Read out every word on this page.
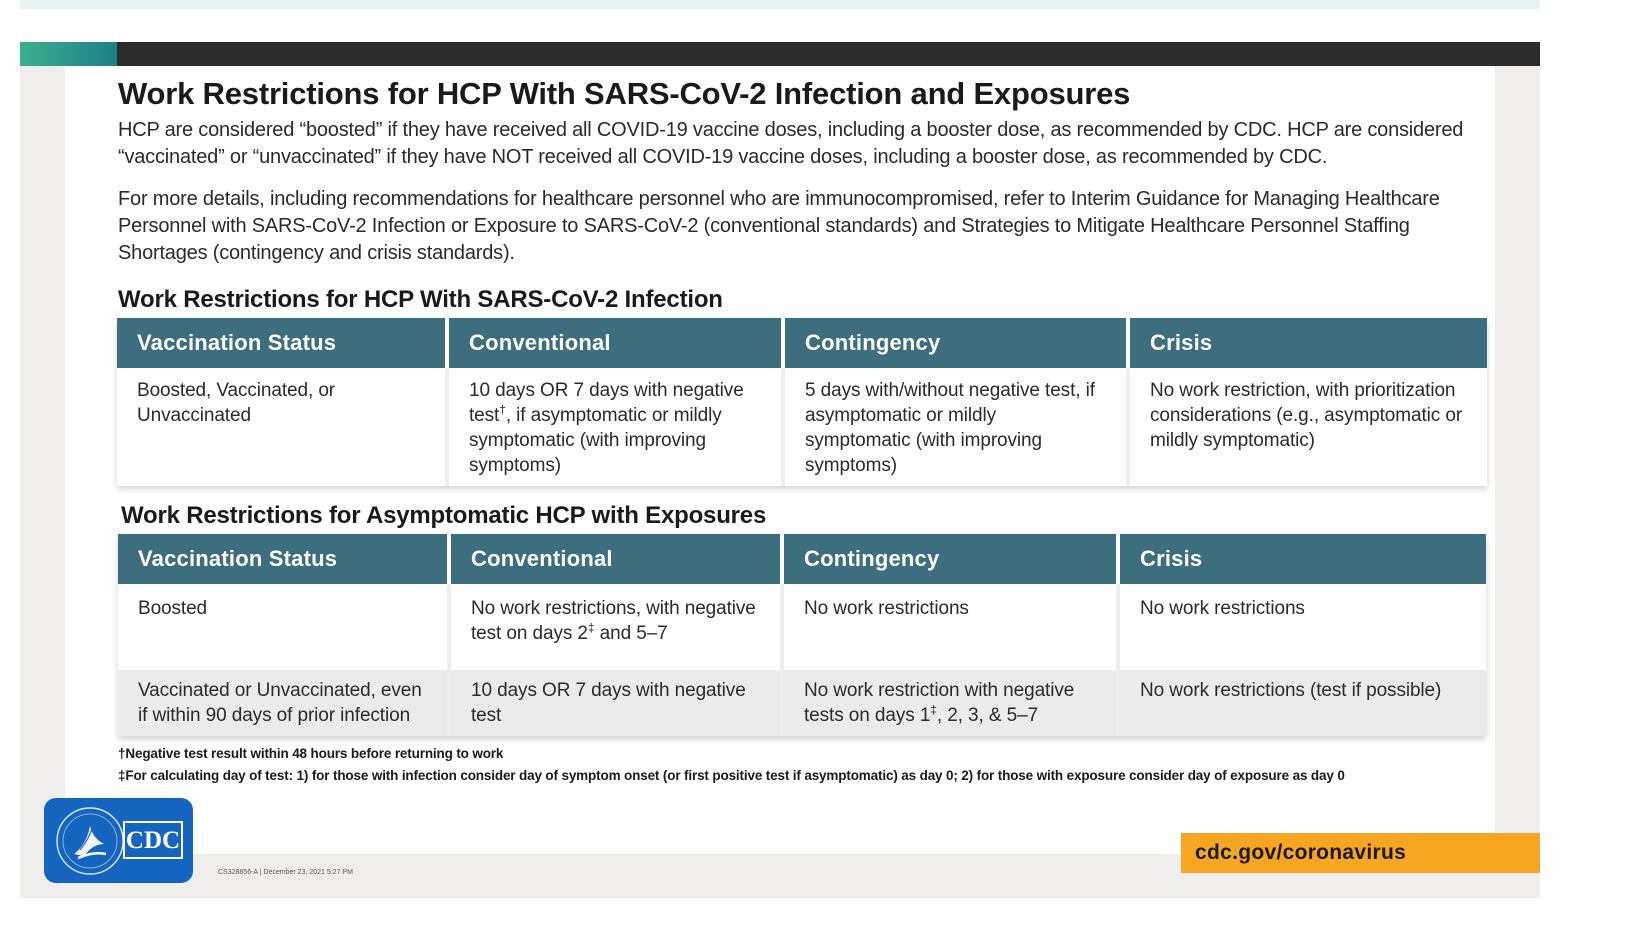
Work Restrictions for HCP With SARS-CoV-2 Infection and Exposures

HCP are considered “boosted” if they have received all COVID-19 vaccine doses, including a booster dose, as recommended by CDC. HCP are considered “vaccinated” or “unvaccinated” if they have NOT received all COVID-19 vaccine doses, including a booster dose, as recommended by CDC.

For more details, including recommendations for healthcare personnel who are immunocompromised, refer to Interim Guidance for Managing Healthcare Personnel with SARS-CoV-2 Infection or Exposure to SARS-CoV-2 (conventional standards) and Strategies to Mitigate Healthcare Personnel Staffing Shortages (contingency and crisis standards).

Work Restrictions for HCP With SARS-CoV-2 Infection
Vaccination Status	Conventional	Contingency	Crisis
Boosted, Vaccinated, or Unvaccinated	10 days OR 7 days with negative test†, if asymptomatic or mildly symptomatic (with improving symptoms)	5 days with/without negative test, if asymptomatic or mildly symptomatic (with improving symptoms)	No work restriction, with prioritization considerations (e.g., asymptomatic or mildly symptomatic)
Work Restrictions for Asymptomatic HCP with Exposures
Vaccination Status	Conventional	Contingency	Crisis
Boosted	No work restrictions, with negative test on days 2‡ and 5–7	No work restrictions	No work restrictions
Vaccinated or Unvaccinated, even if within 90 days of prior infection	10 days OR 7 days with negative test	No work restriction with negative tests on days 1‡, 2, 3, & 5–7	No work restrictions (test if possible)

†Negative test result within 48 hours before returning to work

‡For calculating day of test: 1) for those with infection consider day of symptom onset (or first positive test if asymptomatic) as day 0; 2) for those with exposure consider day of exposure as day 0

CDC
CS328856-A | December 23, 2021 5:27 PM
cdc.gov/coronavirus
